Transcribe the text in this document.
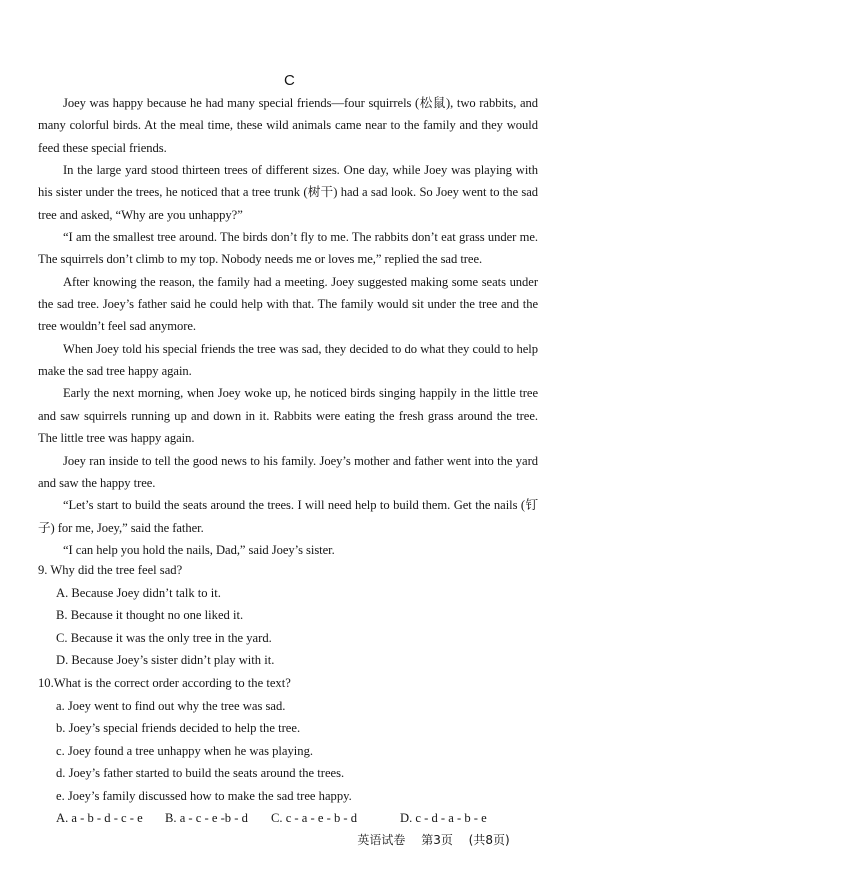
C

Joey was happy because he had many special friends—four squirrels (松鼠), two rabbits, and many colorful birds. At the meal time, these wild animals came near to the family and they would feed these special friends.

In the large yard stood thirteen trees of different sizes. One day, while Joey was playing with his sister under the trees, he noticed that a tree trunk (树干) had a sad look. So Joey went to the sad tree and asked, “Why are you unhappy?”

“I am the smallest tree around. The birds don’t fly to me. The rabbits don’t eat grass under me. The squirrels don’t climb to my top. Nobody needs me or loves me,” replied the sad tree.

After knowing the reason, the family had a meeting. Joey suggested making some seats under the sad tree. Joey’s father said he could help with that. The family would sit under the tree and the tree wouldn’t feel sad anymore.

When Joey told his special friends the tree was sad, they decided to do what they could to help make the sad tree happy again.

Early the next morning, when Joey woke up, he noticed birds singing happily in the little tree and saw squirrels running up and down in it. Rabbits were eating the fresh grass around the tree. The little tree was happy again.

Joey ran inside to tell the good news to his family. Joey’s mother and father went into the yard and saw the happy tree.

“Let’s start to build the seats around the trees. I will need help to build them. Get the nails (钉子) for me, Joey,” said the father.

“I can help you hold the nails, Dad,” said Joey’s sister.

9. Why did the tree feel sad?

A. Because Joey didn’t talk to it.

B. Because it thought no one liked it.

C. Because it was the only tree in the yard.

D. Because Joey’s sister didn’t play with it.

10.What is the correct order according to the text?

a. Joey went to find out why the tree was sad.

b. Joey’s special friends decided to help the tree.

c. Joey found a tree unhappy when he was playing.

d. Joey’s father started to build the seats around the trees.

e. Joey’s family discussed how to make the sad tree happy.

A. a - b - d - c - e B. a - c - e -b - d C. c - a - e - b - d	D. c - d - a - b - e
英语试卷 第3页 (共8页)
